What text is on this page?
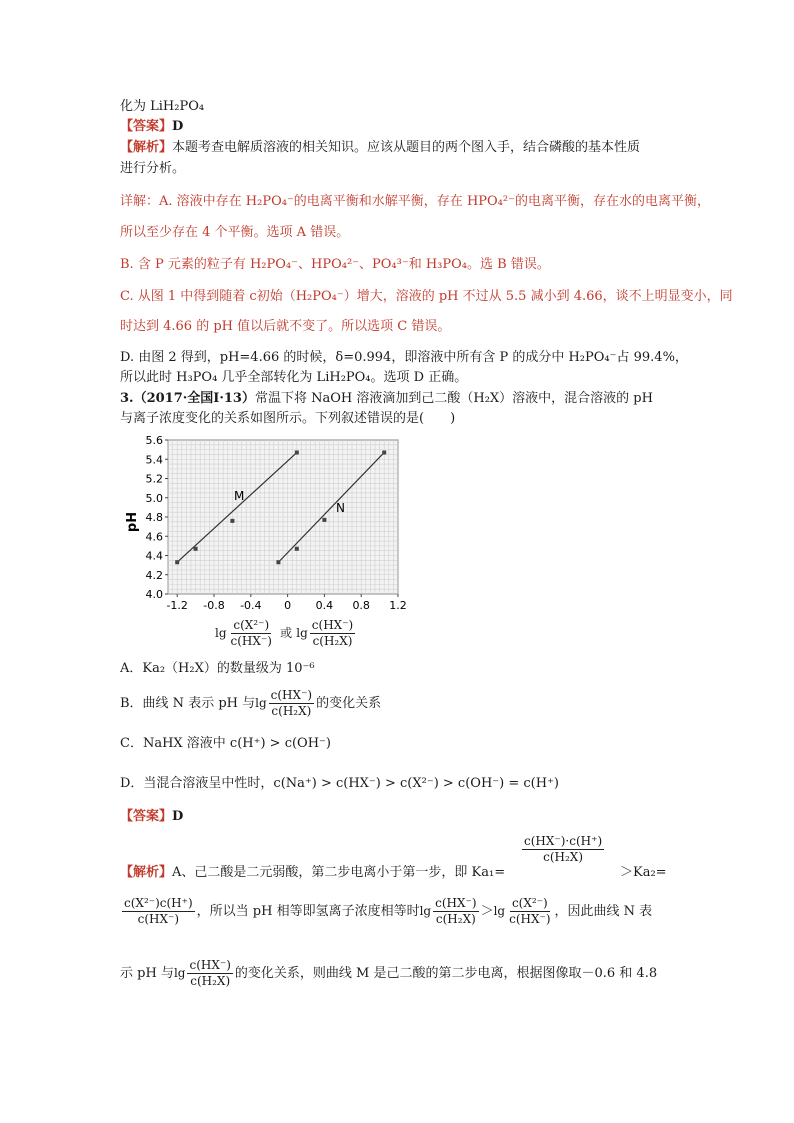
化为 LiH₂PO₄
【答案】D
【解析】本题考查电解质溶液的相关知识。应该从题目的两个图入手，结合磷酸的基本性质
进行分析。
详解：A. 溶液中存在 H₂PO₄⁻的电离平衡和水解平衡，存在 HPO₄²⁻的电离平衡，存在水的电离平衡，
所以至少存在 4 个平衡。选项 A 错误。
B. 含 P 元素的粒子有 H₂PO₄⁻、HPO₄²⁻、PO₄³⁻和 H₃PO₄。选 B 错误。
C. 从图 1 中得到随着 c初始（H₂PO₄⁻）增大，溶液的 pH 不过从 5.5 减小到 4.66，谈不上明显变小，同
时达到 4.66 的 pH 值以后就不变了。所以选项 C 错误。
D. 由图 2 得到，pH=4.66 的时候，δ=0.994，即溶液中所有含 P 的成分中 H₂PO₄⁻占 99.4%，
所以此时 H₃PO₄ 几乎全部转化为 LiH₂PO₄。选项 D 正确。
3.（2017·全国Ⅰ·13）常温下将 NaOH 溶液滴加到己二酸（H₂X）溶液中，混合溶液的 pH
与离子浓度变化的关系如图所示。下列叙述错误的是(　　)
4.0
4.2
4.4
4.6
4.8
5.0
5.2
5.4
5.6
-1.2 -0.8 -0.4 0 0.4 0.8 1.2
pH
M
N
$\lg \frac{\text{c(X²⁻)}}{c(HX^-)}$ 或 $\lg \frac{c(HX^-)}{\text{c(H₂X)}}$
A．Ka₂（H₂X）的数量级为 10⁻⁶
B．曲线 N 表示 pH 与$\lg \frac{c(HX^-)}{\text{c(H₂X)}}$ 的变化关系
C．NaHX 溶液中 c(H⁺) > c(OH⁻)
D．当混合溶液呈中性时，c(Na⁺) > c(HX⁻) > c(X²⁻) > c(OH⁻) = c(H⁺)
【答案】D
$\frac{c(HX^-)\cdot c(H^+)}{\text{c(H₂X)}}$
【解析】A、己二酸是二元弱酸，第二步电离小于第一步，即 Ka₁=	＞Ka₂=
$\frac{\text{c(X²⁻)c(H⁺)}}{c(HX^-)}$ ，所以当 pH 相等即氢离子浓度相等时$\lg \frac{c(HX^-)}{\text{c(H₂X)}} >\lg \frac{\text{c(X²⁻)}}{c(HX^-)}$ ，因此曲线 N 表
示 pH 与$\lg \frac{c(HX^-)}{\text{c(H₂X)}}$ 的变化关系，则曲线 M 是己二酸的第二步电离，根据图像取－0.6 和 4.8
